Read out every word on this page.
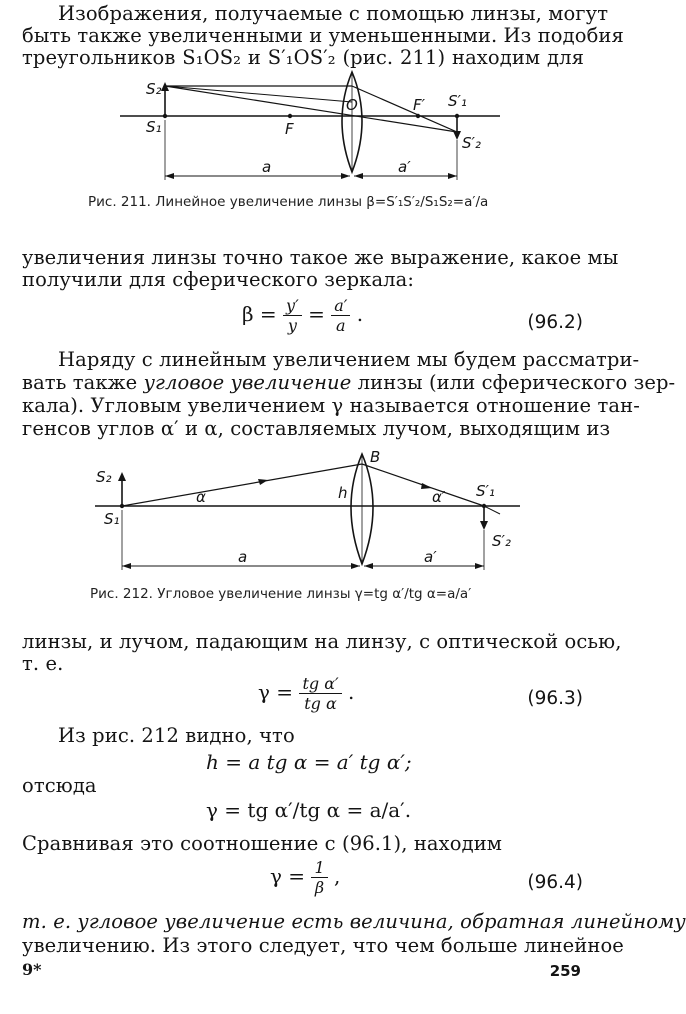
Изображения, получаемые с помощью линзы, могут
быть также увеличенными и уменьшенными. Из подобия
треугольников S₁OS₂ и S′₁OS′₂ (рис. 211) находим для
S₂
S₁
O
F
F′ S′₁
S′₂
a	a′
Рис. 211. Линейное увеличение линзы β=S′₁S′₂/S₁S₂=a′/a
увеличения линзы точно такое же выражение, какое мы
получили для сферического зеркала:
$\beta = \frac{y'}{y} = \frac{a'}{a}$ .	(96.2)
Наряду с линейным увеличением мы будем рассматри-
вать также угловое увеличение линзы (или сферического зер-
кала). Угловым увеличением γ называется отношение тан-
генсов углов α′ и α, составляемых лучом, выходящим из
S₂
S₁
α	h
B
α′ S′₁
S′₂
a	a′
Рис. 212. Угловое увеличение линзы γ=tg α′/tg α=a/a′
линзы, и лучом, падающим на линзу, с оптической осью,
т. е.
$\gamma = \frac{\text{tg α′}}{\text{tg α}}$ .	(96.3)
Из рис. 212 видно, что
h = a tg α = a′ tg α′;
отсюда
γ = tg α′/tg α = a/a′.
Сравнивая это соотношение с (96.1), находим
$\gamma = \frac{1}{\beta}$ ,	(96.4)
т. е. угловое увеличение есть величина, обратная линейному
увеличению. Из этого следует, что чем больше линейное
9*	259
